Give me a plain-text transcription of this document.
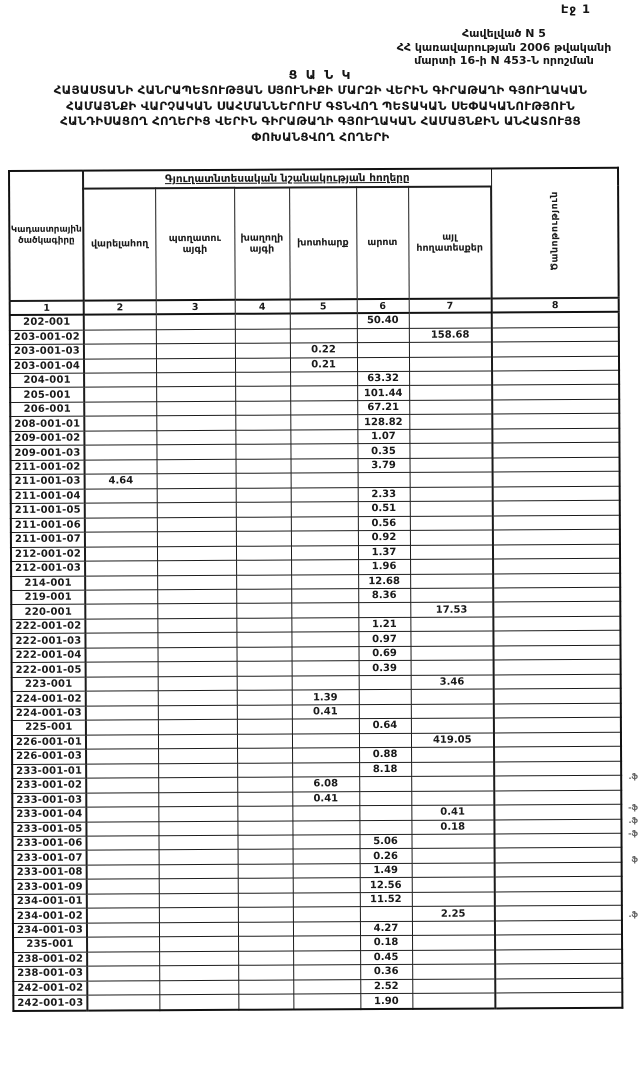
Էջ 1
Հավելված N 5
ՀՀ կառավարության 2006 թվականի
մարտի 16-ի N 453-Ն որոշման
Ց Ա Ն Կ
ՀԱՅԱՍՏԱՆԻ ՀԱՆՐԱՊԵՏՈՒԹՅԱՆ ՍՅՈՒՆԻՔԻ ՄԱՐԶԻ ՎԵՐԻՆ ԳԻՐԱԹԱՂԻ ԳՅՈՒՂԱԿԱՆ
ՀԱՄԱՅՆՔԻ ՎԱՐՉԱԿԱՆ ՍԱՀՄԱՆՆԵՐՈՒՄ ԳՏՆՎՈՂ ՊԵՏԱԿԱՆ ՍԵՓԱԿԱՆՈՒԹՅՈՒՆ
ՀԱՆԴԻՍԱՑՈՂ ՀՈՂԵՐԻՑ ՎԵՐԻՆ ԳԻՐԱԹԱՂԻ ԳՅՈՒՂԱԿԱՆ ՀԱՄԱՅՆՔԻՆ ԱՆՀԱՏՈՒՅՑ
ՓՈԽԱՆՑՎՈՂ ՀՈՂԵՐԻ
Կադաստրային ծածկագիրը	Գյուղատնտեսական նշանակության հողերը						Ծանոթություն
	վարելահող	պտղատու այգի	խաղողի այգի	խոտհարք	արոտ	այլ հողատեսքեր	
1	2	3	4	5	6	7	8
202-001					50.40		
203-001-02						158.68	
203-001-03				0.22			
203-001-04				0.21			
204-001					63.32		
205-001					101.44		
206-001					67.21		
208-001-01					128.82		
209-001-02					1.07		
209-001-03					0.35		
211-001-02					3.79		
211-001-03	4.64						
211-001-04					2.33		
211-001-05					0.51		
211-001-06					0.56		
211-001-07					0.92		
212-001-02					1.37		
212-001-03					1.96		
214-001					12.68		
219-001					8.36		
220-001						17.53	
222-001-02					1.21		
222-001-03					0.97		
222-001-04					0.69		
222-001-05					0.39		
223-001						3.46	
224-001-02				1.39			
224-001-03				0.41			
225-001					0.64		
226-001-01						419.05	
226-001-03					0.88		
233-001-01					8.18		
233-001-02				6.08			
233-001-03				0.41			
233-001-04						0.41	
233-001-05						0.18	
233-001-06					5.06		
233-001-07					0.26		
233-001-08					1.49		
233-001-09					12.56		
234-001-01					11.52		
234-001-02						2.25	
234-001-03					4.27		
235-001					0.18		
238-001-02					0.45		
238-001-03					0.36		
242-001-02					2.52		
242-001-03					1.90		
.ֆ
-ֆ
.ֆ
-ֆ
ֆ
.ֆ
